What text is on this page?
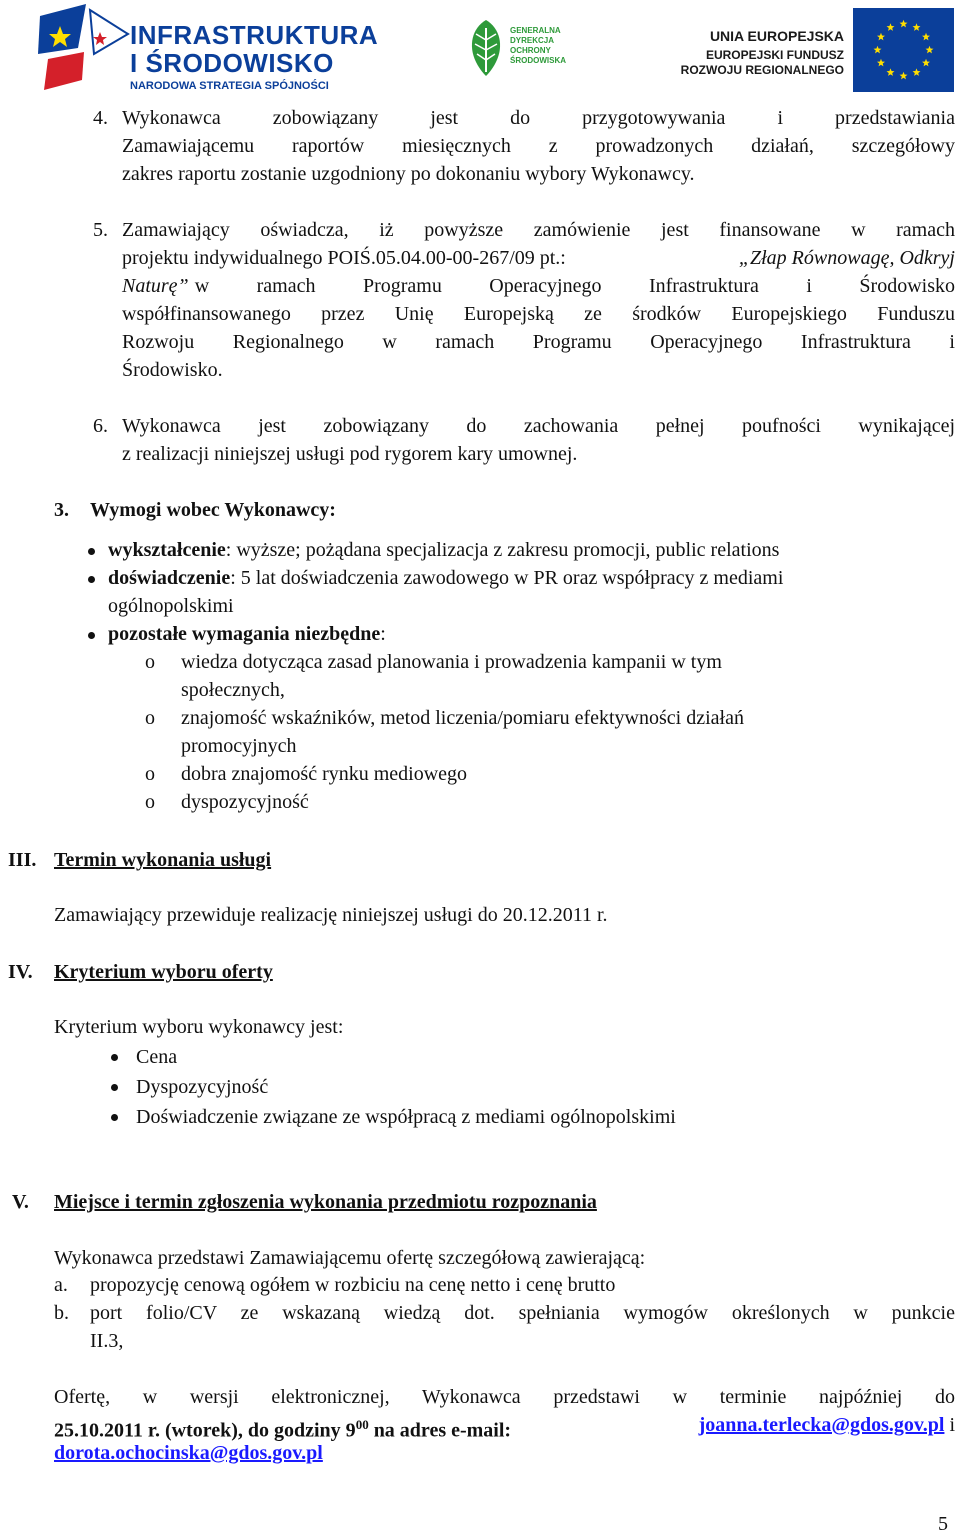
INFRASTRUKTURA
I ŚRODOWISKO
NARODOWA STRATEGIA SPÓJNOŚCI
GENERALNA
DYREKCJA
OCHRONY
ŚRODOWISKA
UNIA EUROPEJSKA
EUROPEJSKI FUNDUSZ
ROZWOJU REGIONALNEGO
4. Wykonawca zobowiązany jest do przygotowywania i przedstawiania
Zamawiającemu raportów miesięcznych z prowadzonych działań, szczegółowy
zakres raportu zostanie uzgodniony po dokonaniu wybory Wykonawcy.
5. Zamawiający oświadcza, iż powyższe zamówienie jest finansowane w ramach
projektu indywidualnego POIŚ.05.04.00-00-267/09 pt.:	„Złap Równowagę, Odkryj
Naturę” w ramach Programu Operacyjnego Infrastruktura i Środowisko
współfinansowanego przez Unię Europejską ze środków Europejskiego Funduszu
Rozwoju Regionalnego w ramach Programu Operacyjnego Infrastruktura i
Środowisko.
6. Wykonawca jest zobowiązany do zachowania pełnej poufności wynikającej
z realizacji niniejszej usługi pod rygorem kary umownej.
3. Wymogi wobec Wykonawcy:
wykształcenie: wyższe; pożądana specjalizacja z zakresu promocji, public relations
doświadczenie: 5 lat doświadczenia zawodowego w PR oraz współpracy z mediami
ogólnopolskimi
pozostałe wymagania niezbędne:
o wiedza dotycząca zasad planowania i prowadzenia kampanii w tym
społecznych,
o znajomość wskaźników, metod liczenia/pomiaru efektywności działań
promocyjnych
o dobra znajomość rynku mediowego
o dyspozycyjność
III. Termin wykonania usługi
Zamawiający przewiduje realizację niniejszej usługi do 20.12.2011 r.
IV. Kryterium wyboru oferty
Kryterium wyboru wykonawcy jest:
Cena
Dyspozycyjność
Doświadczenie związane ze współpracą z mediami ogólnopolskimi
V. Miejsce i termin zgłoszenia wykonania przedmiotu rozpoznania
Wykonawca przedstawi Zamawiającemu ofertę szczegółową zawierającą:
a. propozycję cenową ogółem w rozbiciu na cenę netto i cenę brutto
b. port folio/CV ze wskazaną wiedzą dot. spełniania wymogów określonych w punkcie
II.3,
Ofertę, w wersji elektronicznej, Wykonawca przedstawi w terminie najpóźniej do
25.10.2011 r. (wtorek), do godziny $9^{00}$ na adres e-mail:	joanna.terlecka@gdos.gov.pl i
dorota.ochocinska@gdos.gov.pl
5
